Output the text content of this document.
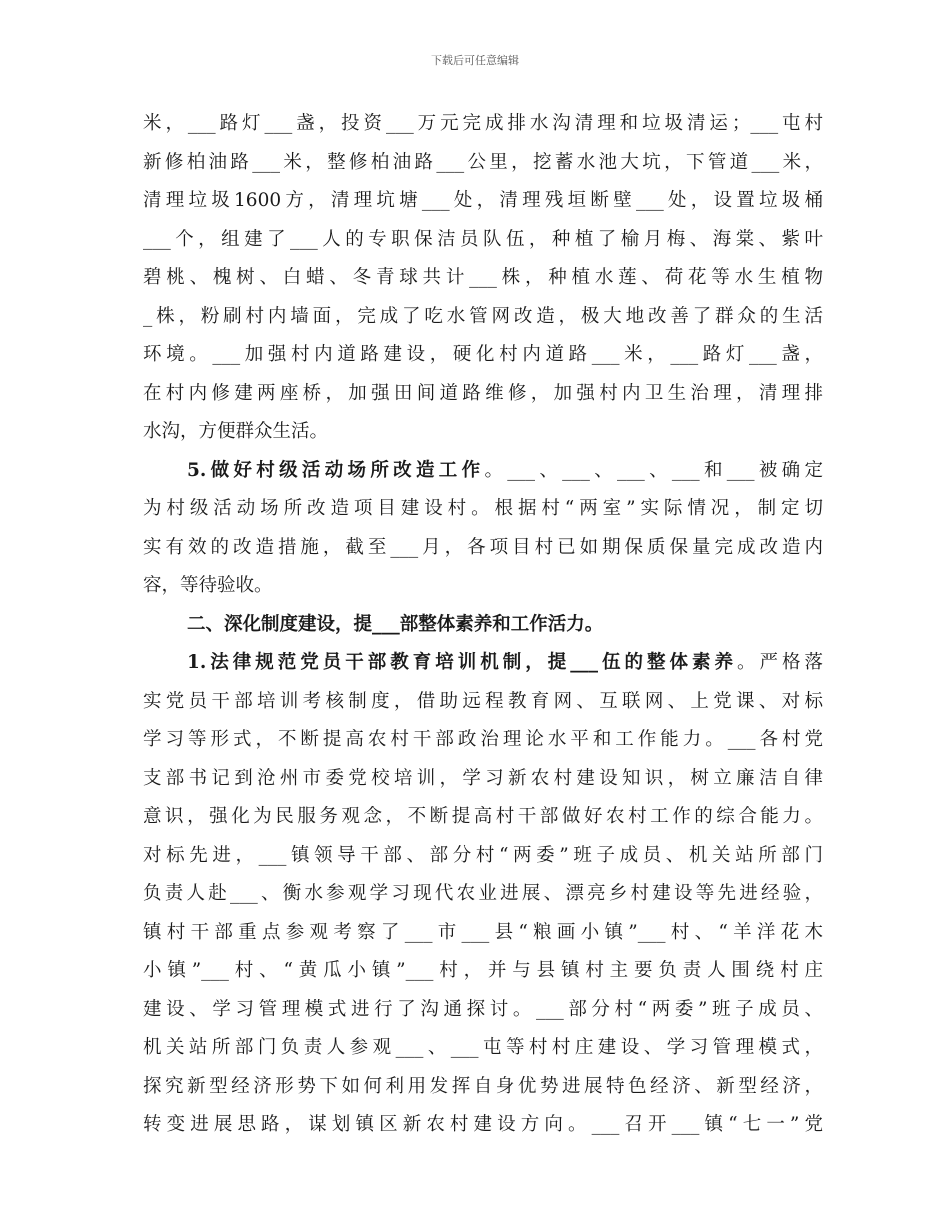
下载后可任意编辑
米，___路灯___盏，投资___万元完成排水沟清理和垃圾清运；___屯村
新修柏油路___米，整修柏油路___公里，挖蓄水池大坑，下管道___米，
清理垃圾1600方，清理坑塘___处，清理残垣断壁___处，设置垃圾桶
___个，组建了___人的专职保洁员队伍，种植了榆月梅、海棠、紫叶
碧桃、槐树、白蜡、冬青球共计___株，种植水莲、荷花等水生植物
_株，粉刷村内墙面，完成了吃水管网改造，极大地改善了群众的生活
环境。___加强村内道路建设，硬化村内道路___米，___路灯___盏，
在村内修建两座桥，加强田间道路维修，加强村内卫生治理，清理排
水沟，方便群众生活。
5.做好村级活动场所改造工作。___、___、___、___和___被确定
为村级活动场所改造项目建设村。根据村“两室”实际情况，制定切
实有效的改造措施，截至___月，各项目村已如期保质保量完成改造内
容，等待验收。
二、深化制度建设，提___部整体素养和工作活力。
1.法律规范党员干部教育培训机制，提___伍的整体素养。严格落
实党员干部培训考核制度，借助远程教育网、互联网、上党课、对标
学习等形式，不断提高农村干部政治理论水平和工作能力。___各村党
支部书记到沧州市委党校培训，学习新农村建设知识，树立廉洁自律
意识，强化为民服务观念，不断提高村干部做好农村工作的综合能力。
对标先进，___镇领导干部、部分村“两委”班子成员、机关站所部门
负责人赴___、衡水参观学习现代农业进展、漂亮乡村建设等先进经验，
镇村干部重点参观考察了___市___县“粮画小镇”___村、“羊洋花木
小镇”___村、“黄瓜小镇”___村，并与县镇村主要负责人围绕村庄
建设、学习管理模式进行了沟通探讨。___部分村“两委”班子成员、
机关站所部门负责人参观___、___屯等村村庄建设、学习管理模式，
探究新型经济形势下如何利用发挥自身优势进展特色经济、新型经济，
转变进展思路，谋划镇区新农村建设方向。___召开___镇“七一”党
